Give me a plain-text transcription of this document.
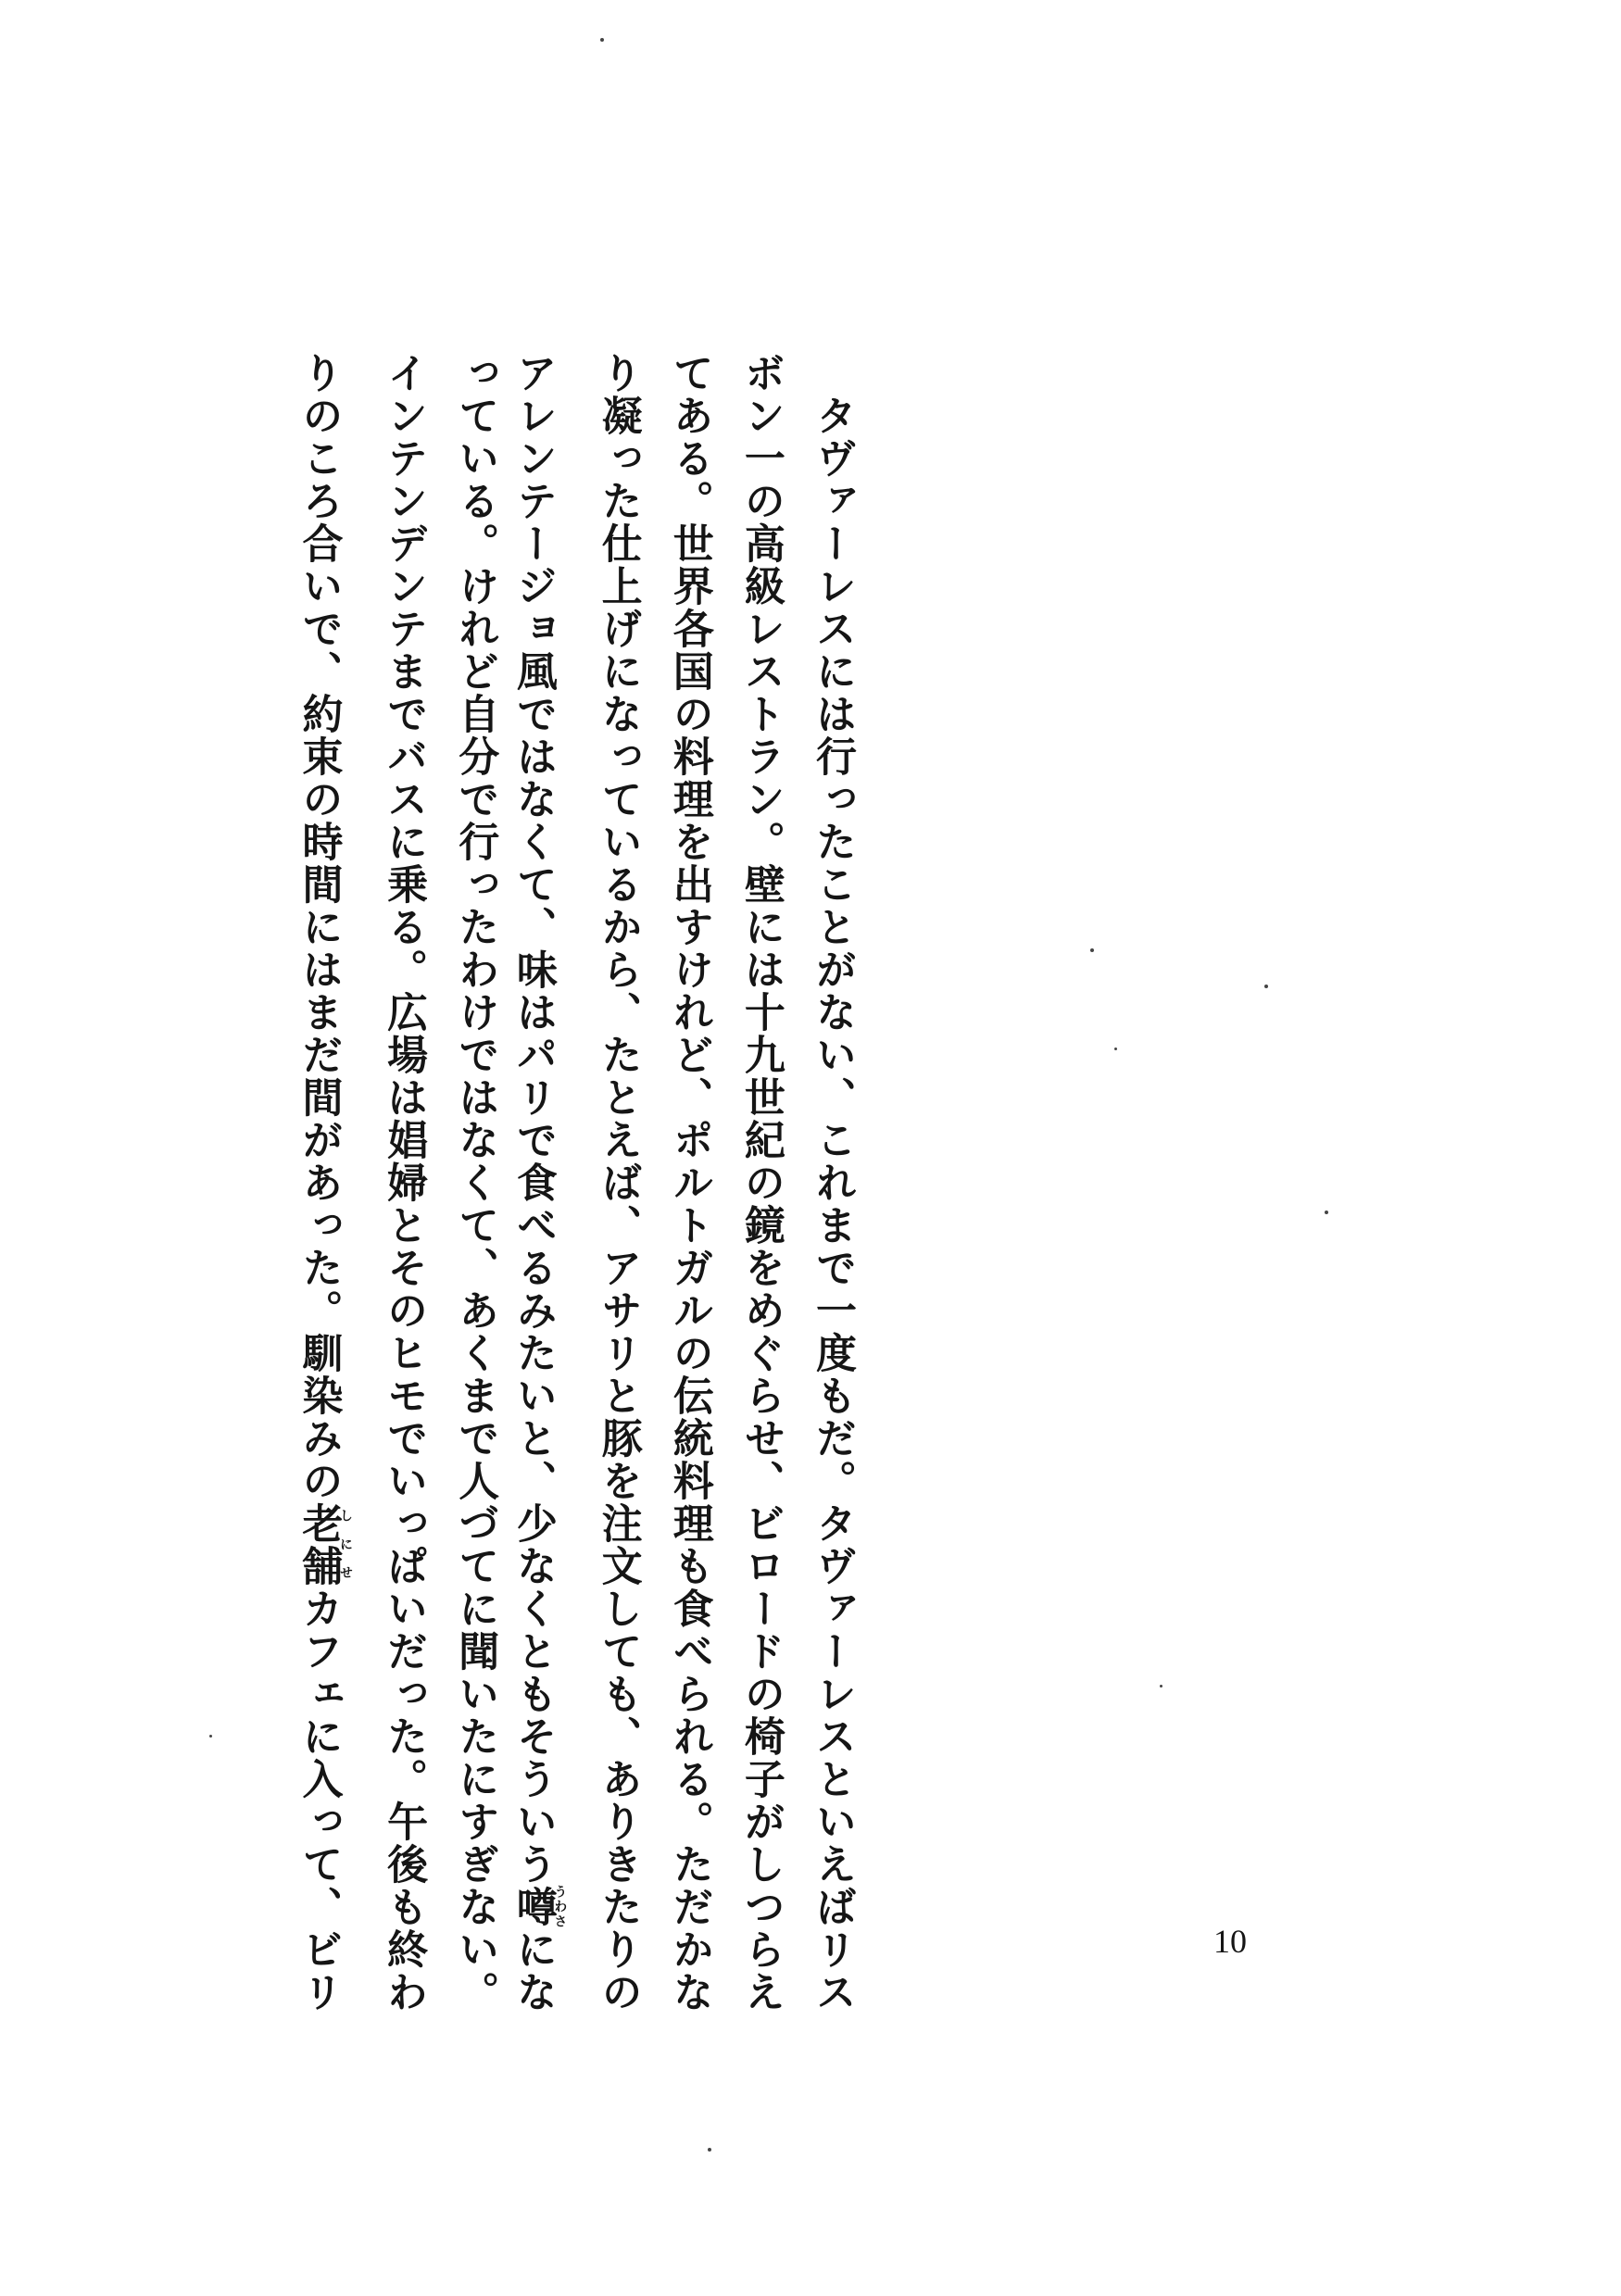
　タヴァーレスには行ったことがない、これまで一度もだ。タヴァーレスといえばリス
ボン一の高級レストラン。壁には十九世紀の鏡をめぐらせ、ビロードの椅子がしつらえ
てある。世界各国の料理を出すけれど、ポルトガルの伝統料理も食べられる。ただかな
り凝った仕上げになっているから、たとえば、アサリと豚を注文しても、ありきたりの
アレンテージョ風ではなくて、味はパリで食べるみたいと、少なくともそういう噂うわさにな
っている。けれど自分で行ったわけではなくて、あくまで人づてに聞いたにすぎない。
インテンデンテまでバスに乗る。広場は娼婦とそのヒモでいっぱいだった。午後も終わ
りのころ合いで、約束の時間にはまだ間があった。馴染みの老舗しにせカフェに入って、ビリ	10
